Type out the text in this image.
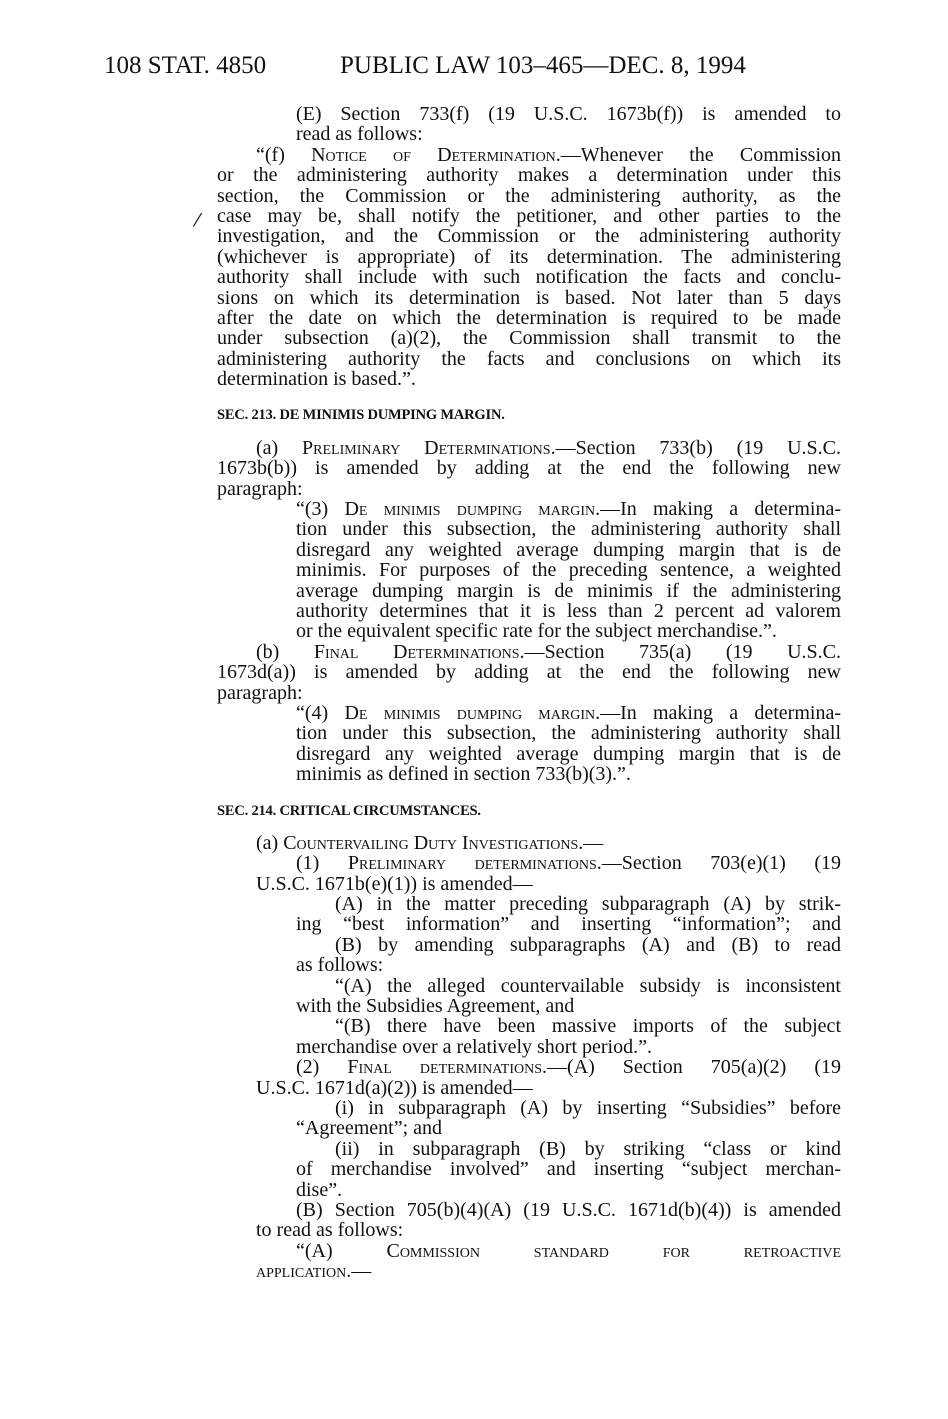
108 STAT. 4850	PUBLIC LAW 103–465—DEC. 8, 1994
⁄
(E) Section 733(f) (19 U.S.C. 1673b(f)) is amended to
read as follows:
“(f) Notice of Determination.—Whenever the Commission
or the administering authority makes a determination under this
section, the Commission or the administering authority, as the
case may be, shall notify the petitioner, and other parties to the
investigation, and the Commission or the administering authority
(whichever is appropriate) of its determination. The administering
authority shall include with such notification the facts and conclu-
sions on which its determination is based. Not later than 5 days
after the date on which the determination is required to be made
under subsection (a)(2), the Commission shall transmit to the
administering authority the facts and conclusions on which its
determination is based.”.
SEC. 213. DE MINIMIS DUMPING MARGIN.
(a) Preliminary Determinations.—Section 733(b) (19 U.S.C.
1673b(b)) is amended by adding at the end the following new
paragraph:
“(3) De minimis dumping margin.—In making a determina-
tion under this subsection, the administering authority shall
disregard any weighted average dumping margin that is de
minimis. For purposes of the preceding sentence, a weighted
average dumping margin is de minimis if the administering
authority determines that it is less than 2 percent ad valorem
or the equivalent specific rate for the subject merchandise.”.
(b) Final Determinations.—Section 735(a) (19 U.S.C.
1673d(a)) is amended by adding at the end the following new
paragraph:
“(4) De minimis dumping margin.—In making a determina-
tion under this subsection, the administering authority shall
disregard any weighted average dumping margin that is de
minimis as defined in section 733(b)(3).”.
SEC. 214. CRITICAL CIRCUMSTANCES.
(a) Countervailing Duty Investigations.—
(1) Preliminary determinations.—Section 703(e)(1) (19
U.S.C. 1671b(e)(1)) is amended—
(A) in the matter preceding subparagraph (A) by strik-
ing “best information” and inserting “information”; and
(B) by amending subparagraphs (A) and (B) to read
as follows:
“(A) the alleged countervailable subsidy is inconsistent
with the Subsidies Agreement, and
“(B) there have been massive imports of the subject
merchandise over a relatively short period.”.
(2) Final determinations.—(A) Section 705(a)(2) (19
U.S.C. 1671d(a)(2)) is amended—
(i) in subparagraph (A) by inserting “Subsidies” before
“Agreement”; and
(ii) in subparagraph (B) by striking “class or kind
of merchandise involved” and inserting “subject merchan-
dise”.
(B) Section 705(b)(4)(A) (19 U.S.C. 1671d(b)(4)) is amended
to read as follows:
“(A) Commission standard for retroactive
application.—
